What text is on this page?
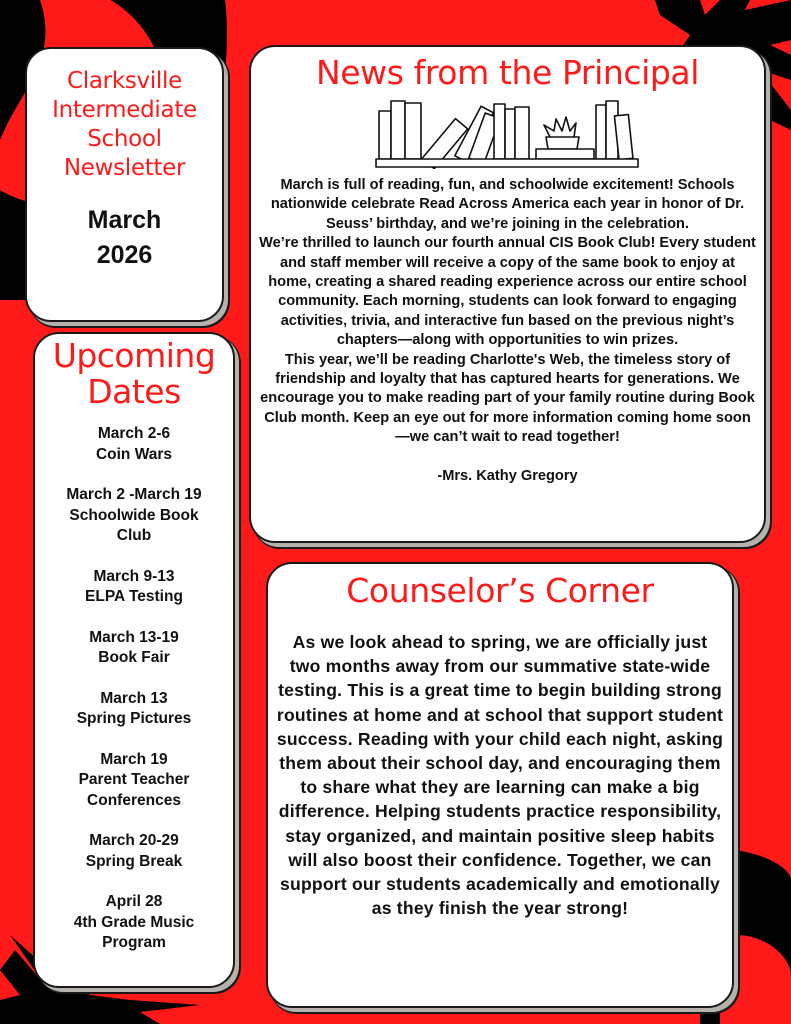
Clarksville
Intermediate
School
Newsletter
March
2026
Upcoming
Dates
March 2-6
Coin Wars
March 2 -March 19
Schoolwide Book
Club
March 9-13
ELPA Testing
March 13-19
Book Fair
March 13
Spring Pictures
March 19
Parent Teacher
Conferences
March 20-29
Spring Break
April 28
4th Grade Music
Program
News from the Principal

March is full of reading, fun, and schoolwide excitement! Schools nationwide celebrate Read Across America each year in honor of Dr. Seuss’ birthday, and we’re joining in the celebration.

We’re thrilled to launch our fourth annual CIS Book Club! Every student and staff member will receive a copy of the same book to enjoy at home, creating a shared reading experience across our entire school community. Each morning, students can look forward to engaging activities, trivia, and interactive fun based on the previous night’s chapters—along with opportunities to win prizes.

This year, we’ll be reading Charlotte's Web, the timeless story of friendship and loyalty that has captured hearts for generations. We encourage you to make reading part of your family routine during Book Club month. Keep an eye out for more information coming home soon—we can’t wait to read together!

-Mrs. Kathy Gregory
Counselor’s Corner
As we look ahead to spring, we are officially just two months away from our summative state-wide testing. This is a great time to begin building strong routines at home and at school that support student success. Reading with your child each night, asking them about their school day, and encouraging them to share what they are learning can make a big difference. Helping students practice responsibility, stay organized, and maintain positive sleep habits will also boost their confidence. Together, we can support our students academically and emotionally as they finish the year strong!
